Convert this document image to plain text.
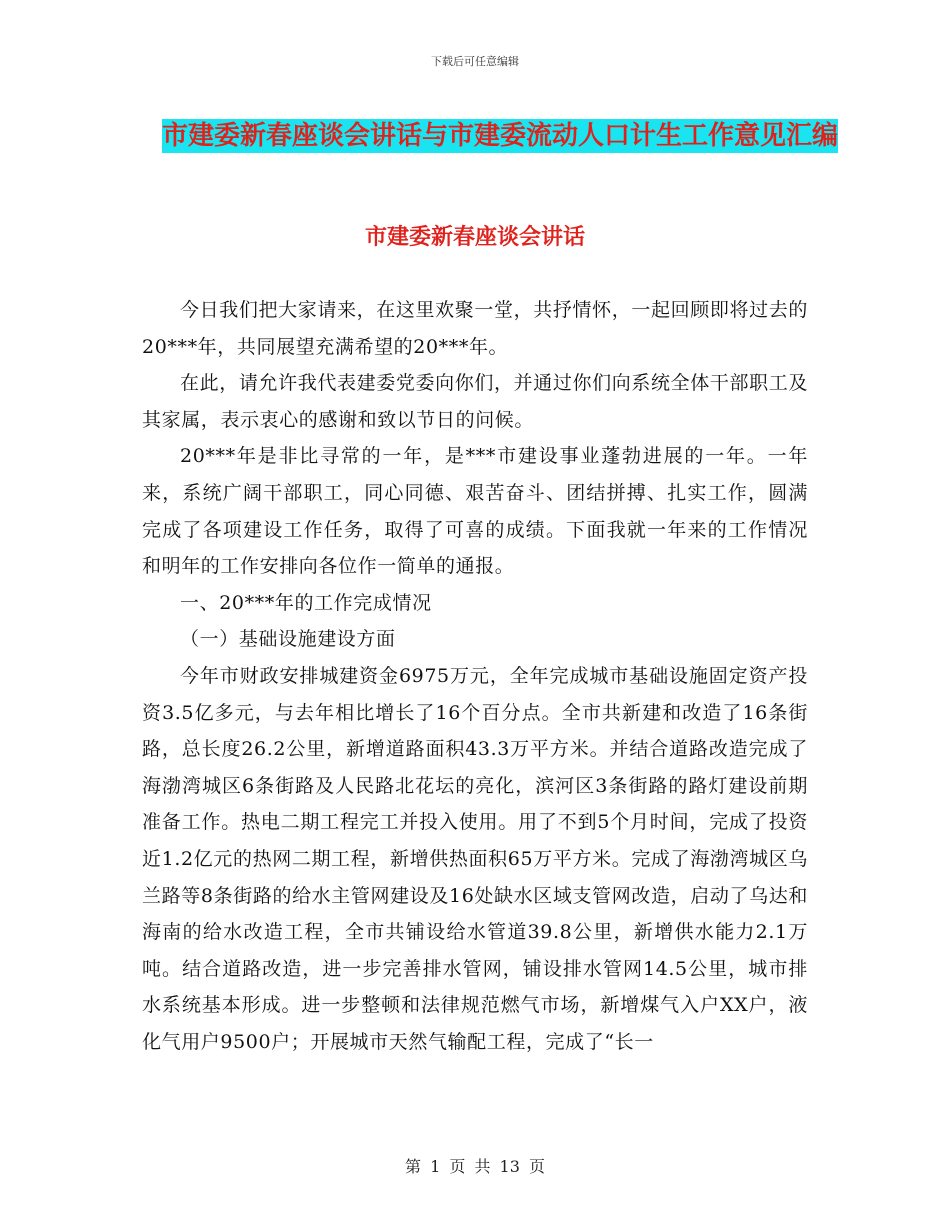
下载后可任意编辑
市建委新春座谈会讲话与市建委流动人口计生工作意见汇编
市建委新春座谈会讲话

今日我们把大家请来，在这里欢聚一堂，共抒情怀，一起回顾即将过去的20***年，共同展望充满希望的20***年。

在此，请允许我代表建委党委向你们，并通过你们向系统全体干部职工及其家属，表示衷心的感谢和致以节日的问候。

20***年是非比寻常的一年，是***市建设事业蓬勃进展的一年。一年来，系统广阔干部职工，同心同德、艰苦奋斗、团结拼搏、扎实工作，圆满完成了各项建设工作任务，取得了可喜的成绩。下面我就一年来的工作情况和明年的工作安排向各位作一简单的通报。

一、20***年的工作完成情况

（一）基础设施建设方面

今年市财政安排城建资金6975万元，全年完成城市基础设施固定资产投资3.5亿多元，与去年相比增长了16个百分点。全市共新建和改造了16条街路，总长度26.2公里，新增道路面积43.3万平方米。并结合道路改造完成了海渤湾城区6条街路及人民路北花坛的亮化，滨河区3条街路的路灯建设前期准备工作。热电二期工程完工并投入使用。用了不到5个月时间，完成了投资近1.2亿元的热网二期工程，新增供热面积65万平方米。完成了海渤湾城区乌兰路等8条街路的给水主管网建设及16处缺水区域支管网改造，启动了乌达和海南的给水改造工程，全市共铺设给水管道39.8公里，新增供水能力2.1万吨。结合道路改造，进一步完善排水管网，铺设排水管网14.5公里，城市排水系统基本形成。进一步整顿和法律规范燃气市场，新增煤气入户XX户，液化气用户9500户；开展城市天然气输配工程，完成了“长一

第 1 页 共 13 页
